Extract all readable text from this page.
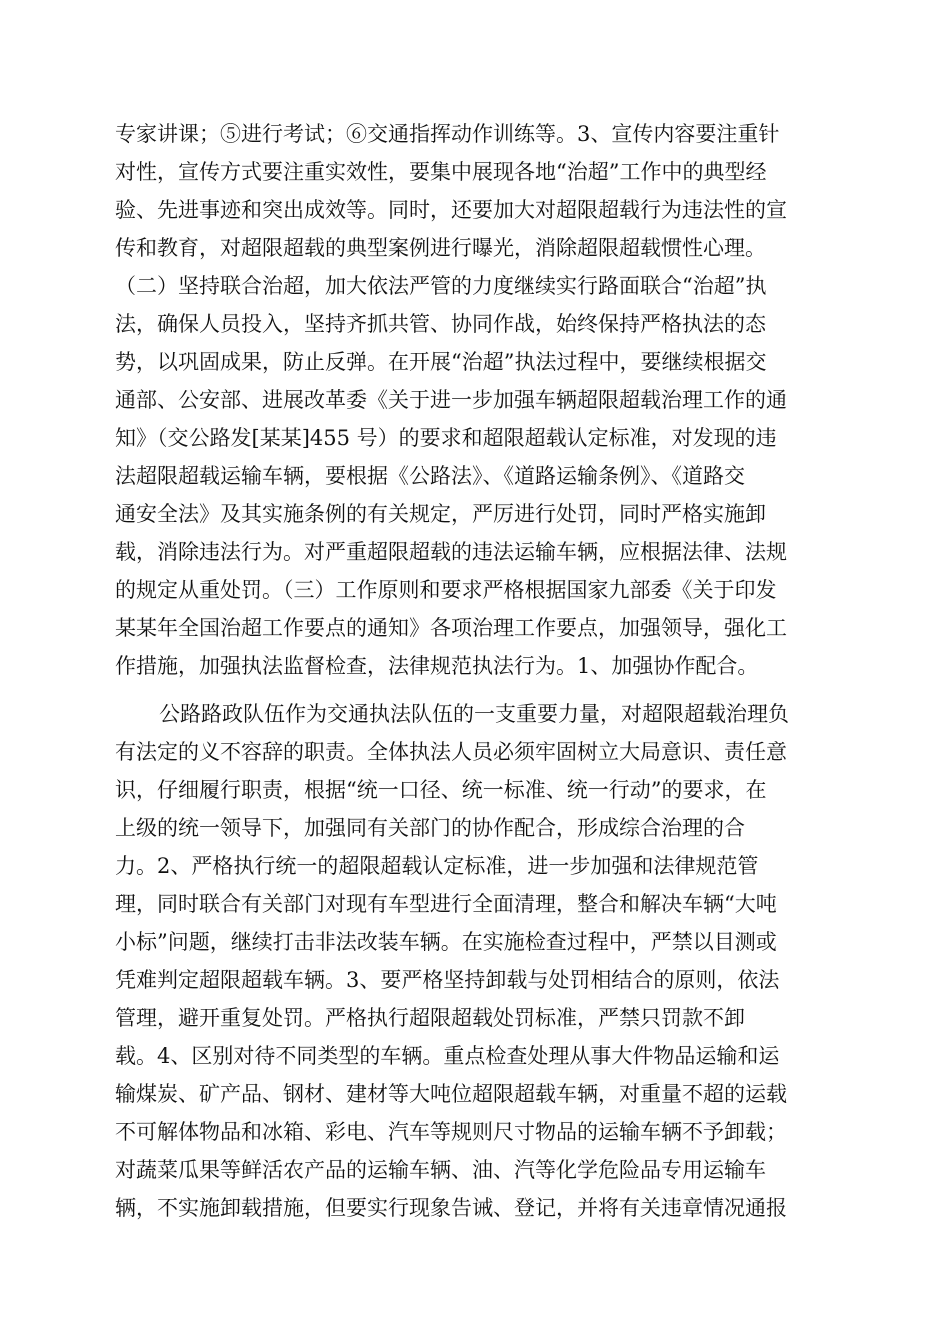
专家讲课；⑤进行考试；⑥交通指挥动作训练等。3、宣传内容要注重针
对性，宣传方式要注重实效性，要集中展现各地“治超”工作中的典型经
验、先进事迹和突出成效等。同时，还要加大对超限超载行为违法性的宣
传和教育，对超限超载的典型案例进行曝光，消除超限超载惯性心理。
（二）坚持联合治超，加大依法严管的力度继续实行路面联合“治超”执
法，确保人员投入，坚持齐抓共管、协同作战，始终保持严格执法的态
势，以巩固成果，防止反弹。在开展“治超”执法过程中，要继续根据交
通部、公安部、进展改革委《关于进一步加强车辆超限超载治理工作的通
知》（交公路发[某某]455 号）的要求和超限超载认定标准，对发现的违
法超限超载运输车辆，要根据《公路法》、《道路运输条例》、《道路交
通安全法》及其实施条例的有关规定，严厉进行处罚，同时严格实施卸
载，消除违法行为。对严重超限超载的违法运输车辆，应根据法律、法规
的规定从重处罚。（三）工作原则和要求严格根据国家九部委《关于印发
某某年全国治超工作要点的通知》各项治理工作要点，加强领导，强化工
作措施，加强执法监督检查，法律规范执法行为。1、加强协作配合。
公路路政队伍作为交通执法队伍的一支重要力量，对超限超载治理负
有法定的义不容辞的职责。全体执法人员必须牢固树立大局意识、责任意
识，仔细履行职责，根据“统一口径、统一标准、统一行动”的要求，在
上级的统一领导下，加强同有关部门的协作配合，形成综合治理的合
力。2、严格执行统一的超限超载认定标准，进一步加强和法律规范管
理，同时联合有关部门对现有车型进行全面清理，整合和解决车辆“大吨
小标”问题，继续打击非法改装车辆。在实施检查过程中，严禁以目测或
凭难判定超限超载车辆。3、要严格坚持卸载与处罚相结合的原则，依法
管理，避开重复处罚。严格执行超限超载处罚标准，严禁只罚款不卸
载。4、区别对待不同类型的车辆。重点检查处理从事大件物品运输和运
输煤炭、矿产品、钢材、建材等大吨位超限超载车辆，对重量不超的运载
不可解体物品和冰箱、彩电、汽车等规则尺寸物品的运输车辆不予卸载；
对蔬菜瓜果等鲜活农产品的运输车辆、油、汽等化学危险品专用运输车
辆，不实施卸载措施，但要实行现象告诫、登记，并将有关违章情况通报
